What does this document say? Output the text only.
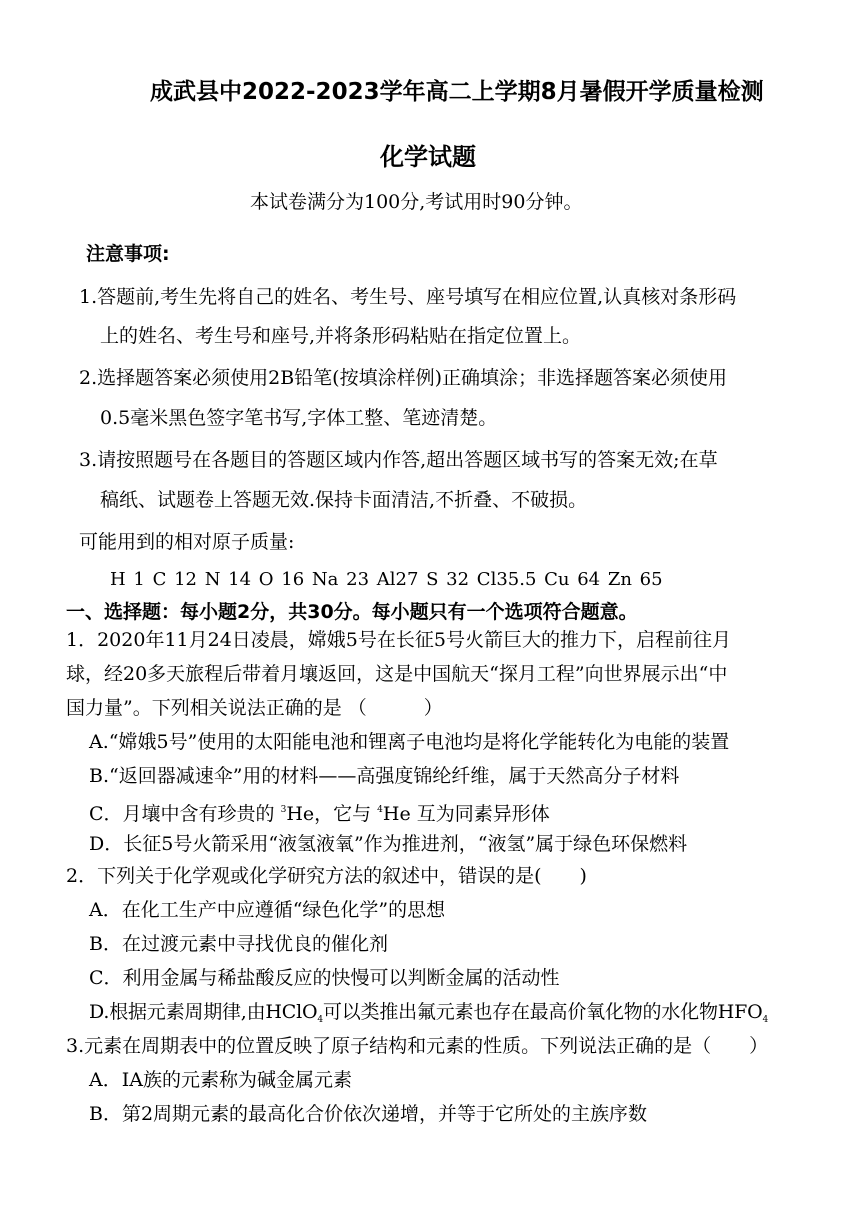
成武县中2022-2023学年高二上学期8月暑假开学质量检测
化学试题
本试卷满分为100分,考试用时90分钟。
注意事项:
1.答题前,考生先将自己的姓名、考生号、座号填写在相应位置,认真核对条形码
上的姓名、考生号和座号,并将条形码粘贴在指定位置上。
2.选择题答案必须使用2B铅笔(按填涂样例)正确填涂；非选择题答案必须使用
0.5毫米黑色签字笔书写,字体工整、笔迹清楚。
3.请按照题号在各题目的答题区域内作答,超出答题区域书写的答案无效;在草
稿纸、试题卷上答题无效.保持卡面清洁,不折叠、不破损。
可能用到的相对原子质量:
H 1 C 12 N 14 O 16 Na 23 Al27 S 32 Cl35.5 Cu 64 Zn 65
一、选择题：每小题2分，共30分。每小题只有一个选项符合题意。
1．2020年11月24日凌晨，嫦娥5号在长征5号火箭巨大的推力下，启程前往月
球，经20多天旅程后带着月壤返回，这是中国航天“探月工程”向世界展示出“中
国力量”。下列相关说法正确的是 （　　　）
A.“嫦娥5号”使用的太阳能电池和锂离子电池均是将化学能转化为电能的装置
B.“返回器减速伞”用的材料——高强度锦纶纤维，属于天然高分子材料
C．月壤中含有珍贵的 $^3$He，它与 $^4$He 互为同素异形体
D．长征5号火箭采用“液氢液氧”作为推进剂，“液氢”属于绿色环保燃料
2．下列关于化学观或化学研究方法的叙述中，错误的是(　　)
A．在化工生产中应遵循“绿色化学”的思想
B．在过渡元素中寻找优良的催化剂
C．利用金属与稀盐酸反应的快慢可以判断金属的活动性
D.根据元素周期律,由HClO$_4$可以类推出氟元素也存在最高价氧化物的水化物$HFO_4$
3.元素在周期表中的位置反映了原子结构和元素的性质。下列说法正确的是（　　）
A．ⅠA族的元素称为碱金属元素
B．第2周期元素的最高化合价依次递增，并等于它所处的主族序数
